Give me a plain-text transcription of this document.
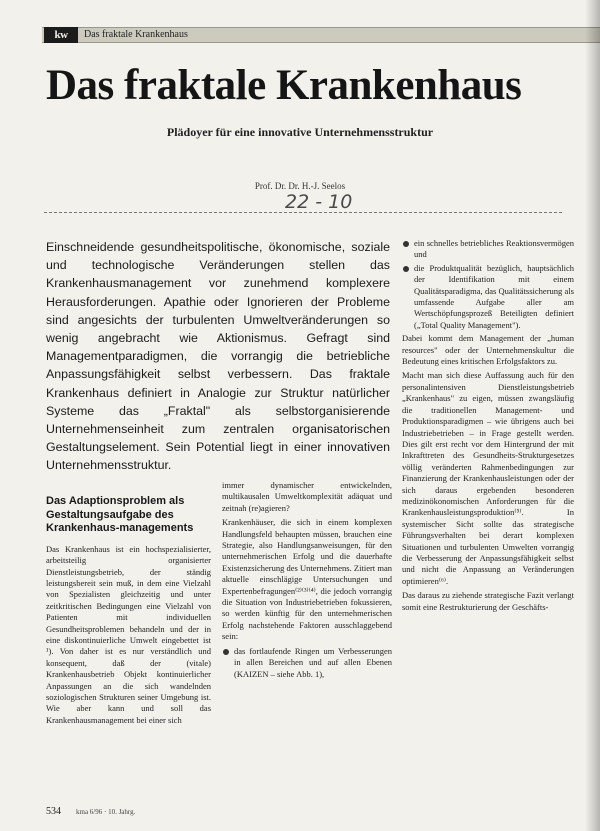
kw	Das fraktale Krankenhaus
Das fraktale Krankenhaus
Plädoyer für eine innovative Unternehmensstruktur
Prof. Dr. Dr. H.-J. Seelos
22 - 10

Einschneidende gesundheitspolitische, ökonomische, soziale und technologische Veränderungen stellen das Krankenhausmanagement vor zunehmend komplexere Herausforderungen. Apathie oder Ignorieren der Probleme sind angesichts der turbulenten Umweltveränderungen so wenig angebracht wie Aktionismus. Gefragt sind Managementparadigmen, die vorrangig die betriebliche Anpassungsfähigkeit selbst verbessern. Das fraktale Krankenhaus definiert in Analogie zur Struktur natürlicher Systeme das „Fraktal" als selbstorganisierende Unternehmenseinheit zum zentralen organisatorischen Gestaltungselement. Sein Potential liegt in einer innovativen Unternehmensstruktur.

Das Adaptionsproblem als Gestaltungsaufgabe des Krankenhaus-managements

Das Krankenhaus ist ein hochspezialisierter, arbeitsteilig organisierter Dienstleistungsbetrieb, der ständig leistungsbereit sein muß, in dem eine Vielzahl von Spezialisten gleichzeitig und unter zeitkritischen Bedingungen eine Vielzahl von Patienten mit individuellen Gesundheitsproblemen behandeln und der in eine diskontinuierliche Umwelt eingebettet ist ¹). Von daher ist es nur verständlich und konsequent, daß der (vitale) Krankenhausbetrieb Objekt kontinuierlicher Anpassungen an die sich wandelnden soziologischen Strukturen seiner Umgebung ist. Wie aber kann und soll das Krankenhausmanagement bei einer sich

immer dynamischer entwickelnden, multikausalen Umweltkomplexität adäquat und zeitnah (re)agieren?

Krankenhäuser, die sich in einem komplexen Handlungsfeld behaupten müssen, brauchen eine Strategie, also Handlungsanweisungen, für den unternehmerischen Erfolg und die dauerhafte Existenzsicherung des Unternehmens. Zitiert man aktuelle einschlägige Untersuchungen und Expertenbefragungen⁽²⁾⁽³⁾⁽⁴⁾, die jedoch vorrangig die Situation von Industriebetrieben fokussieren, so werden künftig für den unternehmerischen Erfolg nachstehende Faktoren ausschlaggebend sein:

das fortlaufende Ringen um Verbesserungen in allen Bereichen und auf allen Ebenen (KAIZEN – siehe Abb. 1),
ein schnelles betriebliches Reaktionsvermögen und
die Produktqualität bezüglich, hauptsächlich der Identifikation mit einem Qualitätsparadigma, das Qualitätssicherung als umfassende Aufgabe aller am Wertschöpfungsprozeß Beteiligten definiert („Total Quality Management").

Dabei kommt dem Management der „human resources" oder der Unternehmenskultur die Bedeutung eines kritischen Erfolgsfaktors zu.

Macht man sich diese Auffassung auch für den personalintensiven Dienstleistungsbetrieb „Krankenhaus" zu eigen, müssen zwangsläufig die traditionellen Management- und Produktionsparadigmen – wie übrigens auch bei Industriebetrieben – in Frage gestellt werden. Dies gilt erst recht vor dem Hintergrund der mit Inkrafttreten des Gesundheits-Strukturgesetzes völlig veränderten Rahmenbedingungen zur Finanzierung der Krankenhausleistungen oder der sich daraus ergebenden besonderen medizinökonomischen Anforderungen für die Krankenhausleistungsproduktion⁽⁵⁾. In systemischer Sicht sollte das strategische Führungsverhalten bei derart komplexen Situationen und turbulenten Umwelten vorrangig die Verbesserung der Anpassungsfähigkeit selbst und nicht die Anpassung an Veränderungen optimieren⁽⁶⁾.

Das daraus zu ziehende strategische Fazit verlangt somit eine Restrukturierung der Geschäfts-

534 kma 6/96 · 10. Jahrg.
